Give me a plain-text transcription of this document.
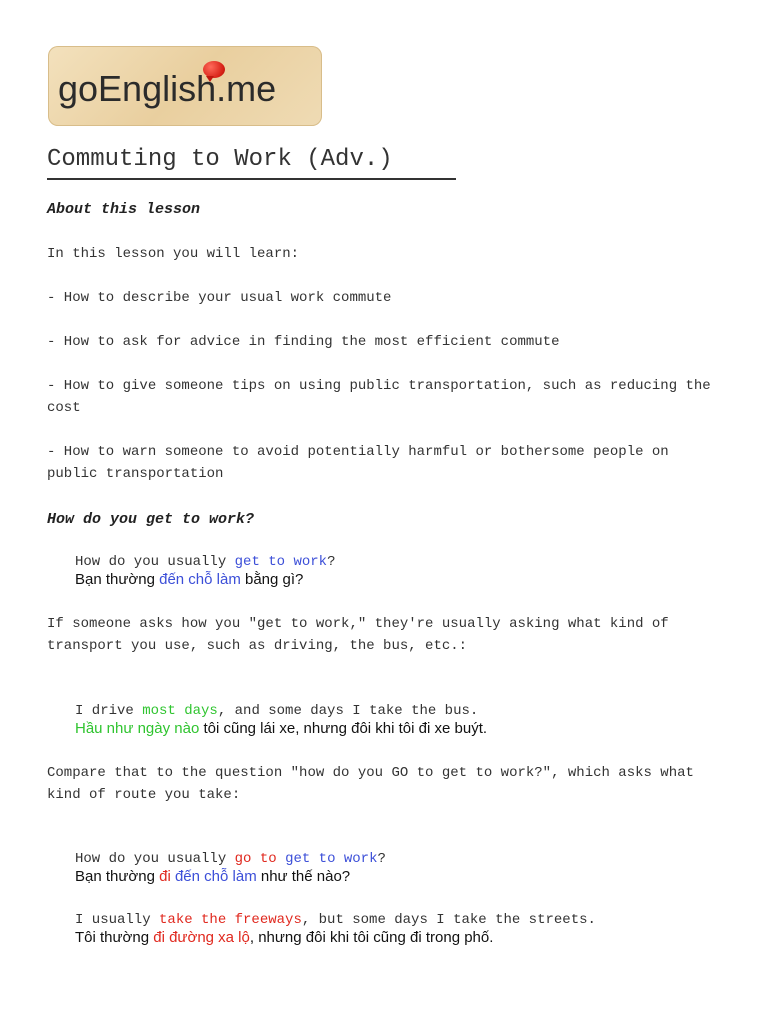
goEnglish.me
Commuting to Work (Adv.)
About this lesson
In this lesson you will learn:
- How to describe your usual work commute
- How to ask for advice in finding the most efficient commute
- How to give someone tips on using public transportation, such as reducing the cost
- How to warn someone to avoid potentially harmful or bothersome people on public transportation
How do you get to work?
How do you usually get to work?
Bạn thường đến chỗ làm bằng gì?
If someone asks how you "get to work," they're usually asking what kind of transport you use, such as driving, the bus, etc.:
I drive most days, and some days I take the bus.
Hầu như ngày nào tôi cũng lái xe, nhưng đôi khi tôi đi xe buýt.
Compare that to the question "how do you GO to get to work?", which asks what kind of route you take:
How do you usually go to get to work?
Bạn thường đi đến chỗ làm như thế nào?
I usually take the freeways, but some days I take the streets.
Tôi thường đi đường xa lộ, nhưng đôi khi tôi cũng đi trong phố.
